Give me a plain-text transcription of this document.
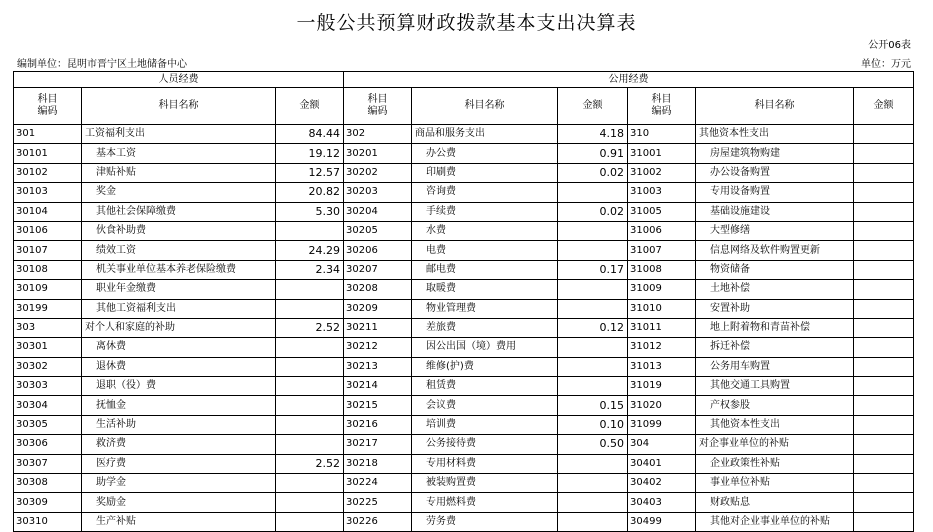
一般公共预算财政拨款基本支出决算表
公开06表
编制单位：昆明市晋宁区土地储备中心	单位：万元
人员经费			公用经费					
科目
编码	科目名称	金额	科目
编码	科目名称	金额	科目
编码	科目名称	金额
301	工资福利支出	84.44	302	商品和服务支出	4.18	310	其他资本性支出	
30101	基本工资	19.12	30201	办公费	0.91	31001	房屋建筑物购建	
30102	津贴补贴	12.57	30202	印刷费	0.02	31002	办公设备购置	
30103	奖金	20.82	30203	咨询费		31003	专用设备购置	
30104	其他社会保障缴费	5.30	30204	手续费	0.02	31005	基础设施建设	
30106	伙食补助费		30205	水费		31006	大型修缮	
30107	绩效工资	24.29	30206	电费		31007	信息网络及软件购置更新	
30108	机关事业单位基本养老保险缴费	2.34	30207	邮电费	0.17	31008	物资储备	
30109	职业年金缴费		30208	取暖费		31009	土地补偿	
30199	其他工资福利支出		30209	物业管理费		31010	安置补助	
303	对个人和家庭的补助	2.52	30211	差旅费	0.12	31011	地上附着物和青苗补偿	
30301	离休费		30212	因公出国（境）费用		31012	拆迁补偿	
30302	退休费		30213	维修(护)费		31013	公务用车购置	
30303	退职（役）费		30214	租赁费		31019	其他交通工具购置	
30304	抚恤金		30215	会议费	0.15	31020	产权参股	
30305	生活补助		30216	培训费	0.10	31099	其他资本性支出	
30306	救济费		30217	公务接待费	0.50	304	对企事业单位的补贴	
30307	医疗费	2.52	30218	专用材料费		30401	企业政策性补贴	
30308	助学金		30224	被装购置费		30402	事业单位补贴	
30309	奖励金		30225	专用燃料费		30403	财政贴息	
30310	生产补贴		30226	劳务费		30499	其他对企业事业单位的补贴	
